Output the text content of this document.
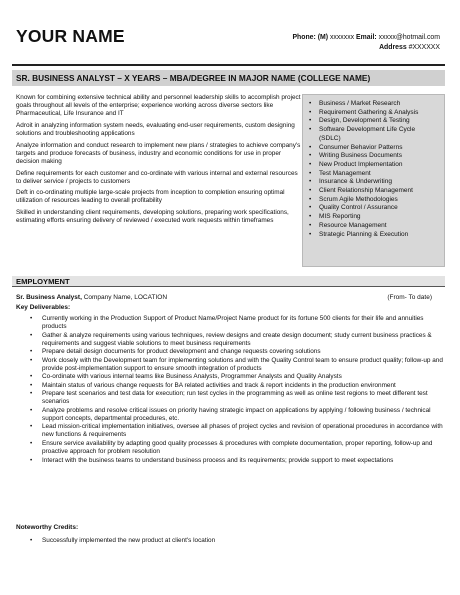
YOUR NAME	Phone: (M) xxxxxxx Email: xxxxx@hotmail.com
Address #XXXXXX
SR. BUSINESS ANALYST – X YEARS – MBA/DEGREE IN MAJOR NAME (COLLEGE NAME)

Known for combining extensive technical ability and personnel leadership skills to accomplish project goals throughout all levels of the enterprise; experience working across diverse sectors like Pharmaceutical, Life Insurance and IT

Adroit in analyzing information system needs, evaluating end-user requirements, custom designing solutions and troubleshooting applications

Analyze information and conduct research to implement new plans / strategies to achieve company's targets and produce forecasts of business, industry and economic conditions for use in proper decision making

Define requirements for each customer and co-ordinate with various internal and external resources to deliver service / projects to customers

Deft in co-ordinating multiple large-scale projects from inception to completion ensuring optimal utilization of resources leading to overall profitability

Skilled in understanding client requirements, developing solutions, preparing work specifications, estimating efforts ensuring delivery of reviewed / executed work requests within timeframes

• Business / Market Research
• Requirement Gathering & Analysis
• Design, Development & Testing
• Software Development Life Cycle
(SDLC)
• Consumer Behavior Patterns
• Writing Business Documents
• New Product Implementation
• Test Management
• Insurance & Underwriting
• Client Relationship Management
• Scrum Agile Methodologies
• Quality Control / Assurance
• MIS Reporting
• Resource Management
• Strategic Planning & Execution
EMPLOYMENT
Sr. Business Analyst, Company Name, LOCATION	(From- To date)
Key Deliverables:
• Currently working in the Production Support of Product Name/Project Name product for its fortune 500 clients for their life and annuities products
• Gather & analyze requirements using various techniques, review designs and create design document; study current business practices & requirements and suggest viable solutions to meet business requirements
• Prepare detail design documents for product development and change requests covering solutions
• Work closely with the Development team for implementing solutions and with the Quality Control team to ensure product quality; follow-up and provide post-implementation support to ensure smooth integration of products
• Co-ordinate with various internal teams like Business Analysts, Programmer Analysts and Quality Analysts
• Maintain status of various change requests for BA related activities and track & report incidents in the production environment
• Prepare test scenarios and test data for execution; run test cycles in the programming as well as online test regions to meet different test scenarios
• Analyze problems and resolve critical issues on priority having strategic impact on applications by applying / following business / technical support concepts, departmental procedures, etc.
• Lead mission-critical implementation initiatives, oversee all phases of project cycles and revision of operational procedures in accordance with new functions & requirements
• Ensure service availability by adapting good quality processes & procedures with complete documentation, proper reporting, follow-up and proactive approach for problem resolution
• Interact with the business teams to understand business process and its requirements; provide support to meet expectations
Noteworthy Credits:
• Successfully implemented the new product at client's location
